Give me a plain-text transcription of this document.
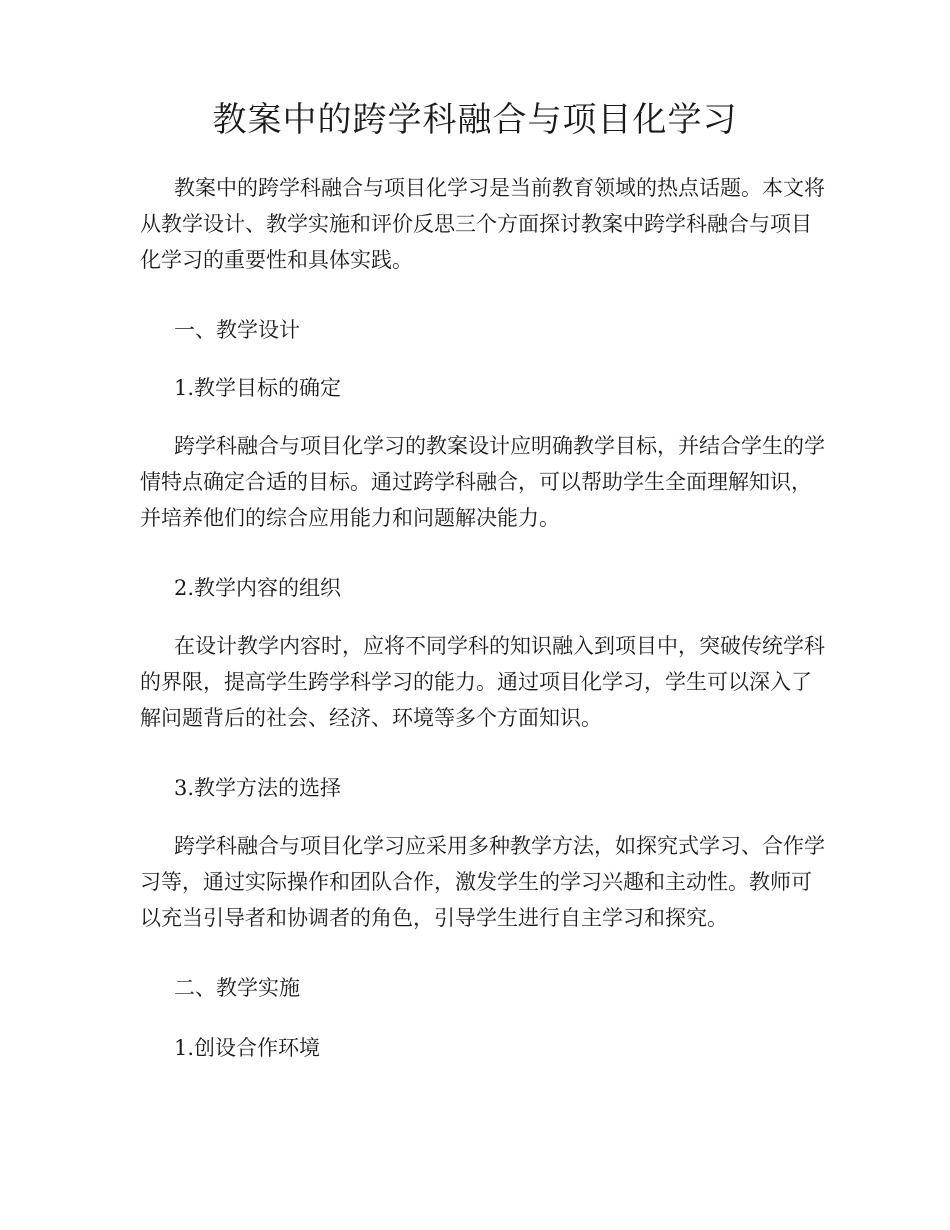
教案中的跨学科融合与项目化学习

教案中的跨学科融合与项目化学习是当前教育领域的热点话题。本文将从教学设计、教学实施和评价反思三个方面探讨教案中跨学科融合与项目化学习的重要性和具体实践。

一、教学设计
1.教学目标的确定

跨学科融合与项目化学习的教案设计应明确教学目标，并结合学生的学情特点确定合适的目标。通过跨学科融合，可以帮助学生全面理解知识，并培养他们的综合应用能力和问题解决能力。

2.教学内容的组织

在设计教学内容时，应将不同学科的知识融入到项目中，突破传统学科的界限，提高学生跨学科学习的能力。通过项目化学习，学生可以深入了解问题背后的社会、经济、环境等多个方面知识。

3.教学方法的选择

跨学科融合与项目化学习应采用多种教学方法，如探究式学习、合作学习等，通过实际操作和团队合作，激发学生的学习兴趣和主动性。教师可以充当引导者和协调者的角色，引导学生进行自主学习和探究。

二、教学实施
1.创设合作环境
